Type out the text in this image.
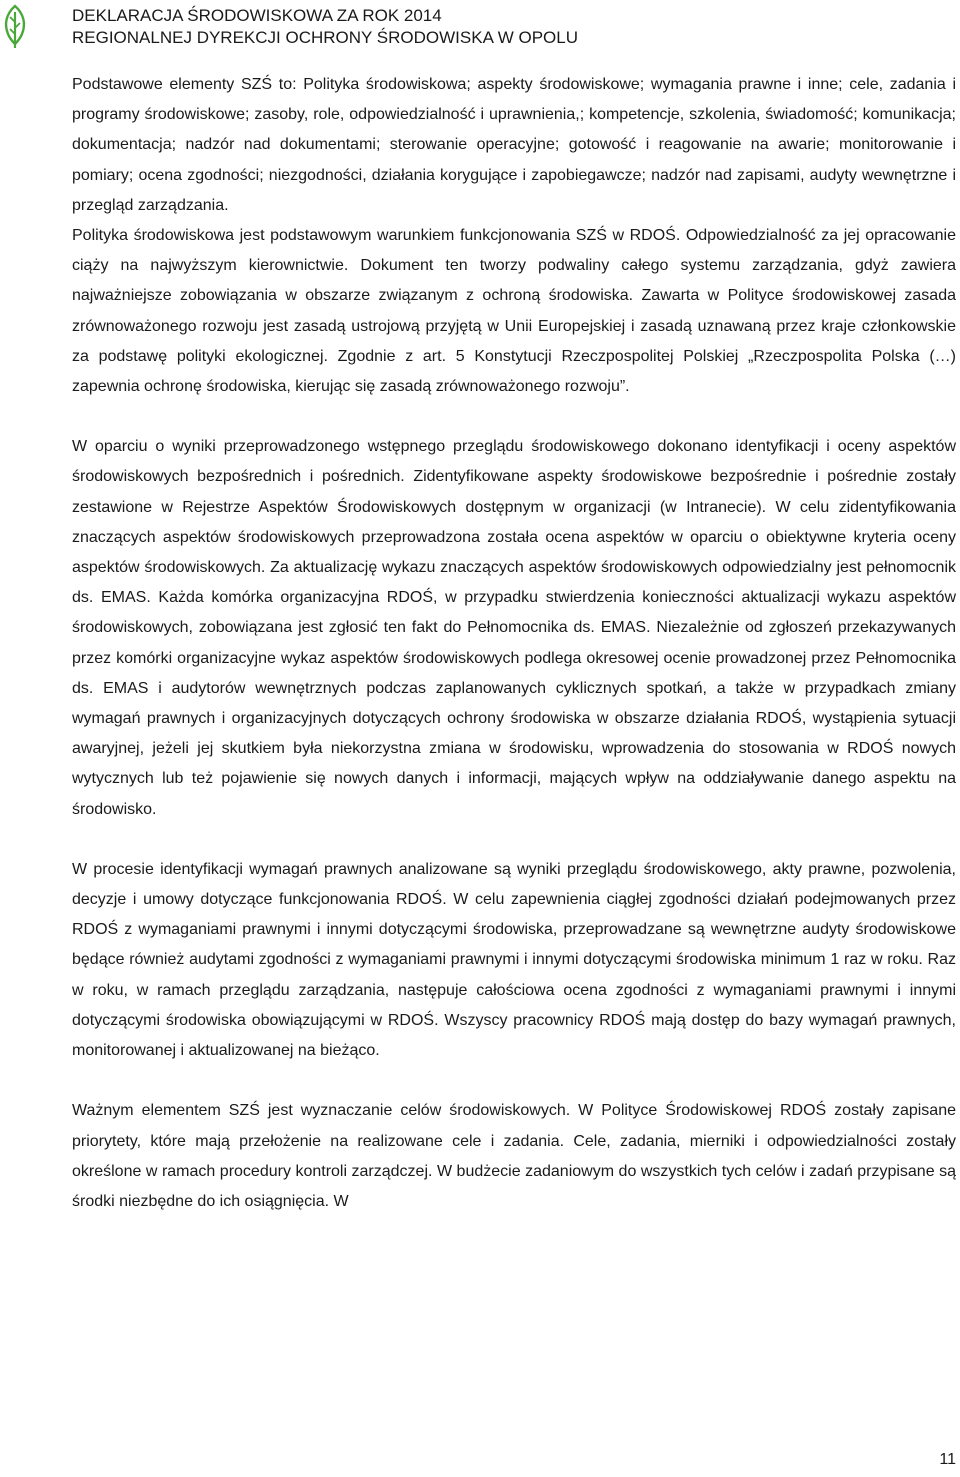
DEKLARACJA ŚRODOWISKOWA ZA ROK 2014
REGIONALNEJ DYREKCJI OCHRONY ŚRODOWISKA W OPOLU

Podstawowe elementy SZŚ to: Polityka środowiskowa; aspekty środowiskowe; wymagania prawne i inne; cele, zadania i programy środowiskowe; zasoby, role, odpowiedzialność i uprawnienia,; kompetencje, szkolenia, świadomość; komunikacja; dokumentacja; nadzór nad dokumentami; sterowanie operacyjne; gotowość i reagowanie na awarie; monitorowanie i pomiary; ocena zgodności; niezgodności, działania korygujące i zapobiegawcze; nadzór nad zapisami, audyty wewnętrzne i przegląd zarządzania.

Polityka środowiskowa jest podstawowym warunkiem funkcjonowania SZŚ w RDOŚ. Odpowiedzialność za jej opracowanie ciąży na najwyższym kierownictwie. Dokument ten tworzy podwaliny całego systemu zarządzania, gdyż zawiera najważniejsze zobowiązania w obszarze związanym z ochroną środowiska. Zawarta w Polityce środowiskowej zasada zrównoważonego rozwoju jest zasadą ustrojową przyjętą w Unii Europejskiej i zasadą uznawaną przez kraje członkowskie za podstawę polityki ekologicznej. Zgodnie z art. 5 Konstytucji Rzeczpospolitej Polskiej „Rzeczpospolita Polska (…) zapewnia ochronę środowiska, kierując się zasadą zrównoważonego rozwoju”.

W oparciu o wyniki przeprowadzonego wstępnego przeglądu środowiskowego dokonano identyfikacji i oceny aspektów środowiskowych bezpośrednich i pośrednich. Zidentyfikowane aspekty środowiskowe bezpośrednie i pośrednie zostały zestawione w Rejestrze Aspektów Środowiskowych dostępnym w organizacji (w Intranecie). W celu zidentyfikowania znaczących aspektów środowiskowych przeprowadzona została ocena aspektów w oparciu o obiektywne kryteria oceny aspektów środowiskowych. Za aktualizację wykazu znaczących aspektów środowiskowych odpowiedzialny jest pełnomocnik ds. EMAS. Każda komórka organizacyjna RDOŚ, w przypadku stwierdzenia konieczności aktualizacji wykazu aspektów środowiskowych, zobowiązana jest zgłosić ten fakt do Pełnomocnika ds. EMAS. Niezależnie od zgłoszeń przekazywanych przez komórki organizacyjne wykaz aspektów środowiskowych podlega okresowej ocenie prowadzonej przez Pełnomocnika ds. EMAS i audytorów wewnętrznych podczas zaplanowanych cyklicznych spotkań, a także w przypadkach zmiany wymagań prawnych i organizacyjnych dotyczących ochrony środowiska w obszarze działania RDOŚ, wystąpienia sytuacji awaryjnej, jeżeli jej skutkiem była niekorzystna zmiana w środowisku, wprowadzenia do stosowania w RDOŚ nowych wytycznych lub też pojawienie się nowych danych i informacji, mających wpływ na oddziaływanie danego aspektu na środowisko.

W procesie identyfikacji wymagań prawnych analizowane są wyniki przeglądu środowiskowego, akty prawne, pozwolenia, decyzje i umowy dotyczące funkcjonowania RDOŚ. W celu zapewnienia ciągłej zgodności działań podejmowanych przez RDOŚ z wymaganiami prawnymi i innymi dotyczącymi środowiska, przeprowadzane są wewnętrzne audyty środowiskowe będące również audytami zgodności z wymaganiami prawnymi i innymi dotyczącymi środowiska minimum 1 raz w roku. Raz w roku, w ramach przeglądu zarządzania, następuje całościowa ocena zgodności z wymaganiami prawnymi i innymi dotyczącymi środowiska obowiązującymi w RDOŚ. Wszyscy pracownicy RDOŚ mają dostęp do bazy wymagań prawnych, monitorowanej i aktualizowanej na bieżąco.

Ważnym elementem SZŚ jest wyznaczanie celów środowiskowych. W Polityce Środowiskowej RDOŚ zostały zapisane priorytety, które mają przełożenie na realizowane cele i zadania. Cele, zadania, mierniki i odpowiedzialności zostały określone w ramach procedury kontroli zarządczej. W budżecie zadaniowym do wszystkich tych celów i zadań przypisane są środki niezbędne do ich osiągnięcia. W

11
